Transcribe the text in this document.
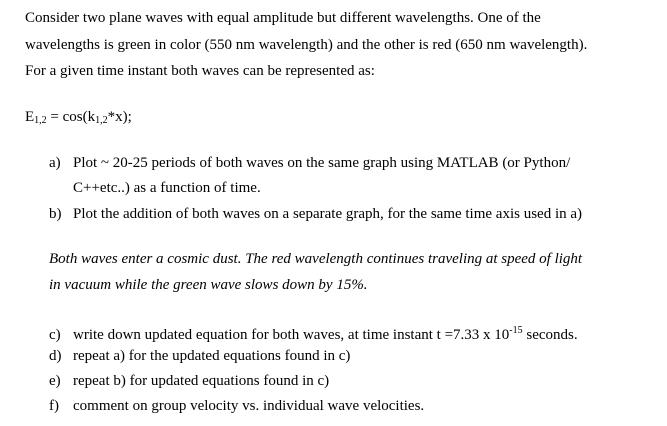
Consider two plane waves with equal amplitude but different wavelengths. One of the
wavelengths is green in color (550 nm wavelength) and the other is red (650 nm wavelength).
For a given time instant both waves can be represented as:
$E_{1,2} = \cos(k_{1,2}*x)$;
a) Plot ~ 20-25 periods of both waves on the same graph using MATLAB (or Python/
C++etc..) as a function of time.
b) Plot the addition of both waves on a separate graph, for the same time axis used in a)
Both waves enter a cosmic dust. The red wavelength continues traveling at speed of light
in vacuum while the green wave slows down by 15%.
c) write down updated equation for both waves, at time instant t =7.33 x $10^{-15}$ seconds.
d) repeat a) for the updated equations found in c)
e) repeat b) for updated equations found in c)
f) comment on group velocity vs. individual wave velocities.
